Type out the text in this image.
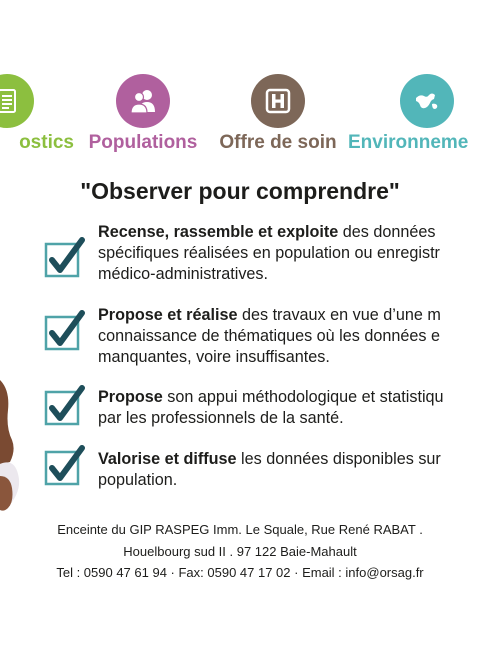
ostics Populations	Offre de soin Environneme
"Observer pour comprendre"
Recense, rassemble et exploite des données
spécifiques réalisées en population ou enregistr
médico-administratives.
Propose et réalise des travaux en vue d’une m
connaissance de thématiques où les données e
manquantes, voire insuffisantes.
Propose son appui méthodologique et statistiqu
par les professionnels de la santé.
Valorise et diffuse les données disponibles sur
population.
Enceinte du GIP RASPEG Imm. Le Squale, Rue René RABAT .
Houelbourg sud II . 97 122 Baie-Mahault
Tel : 0590 47 61 94 · Fax: 0590 47 17 02 · Email : info@orsag.fr
